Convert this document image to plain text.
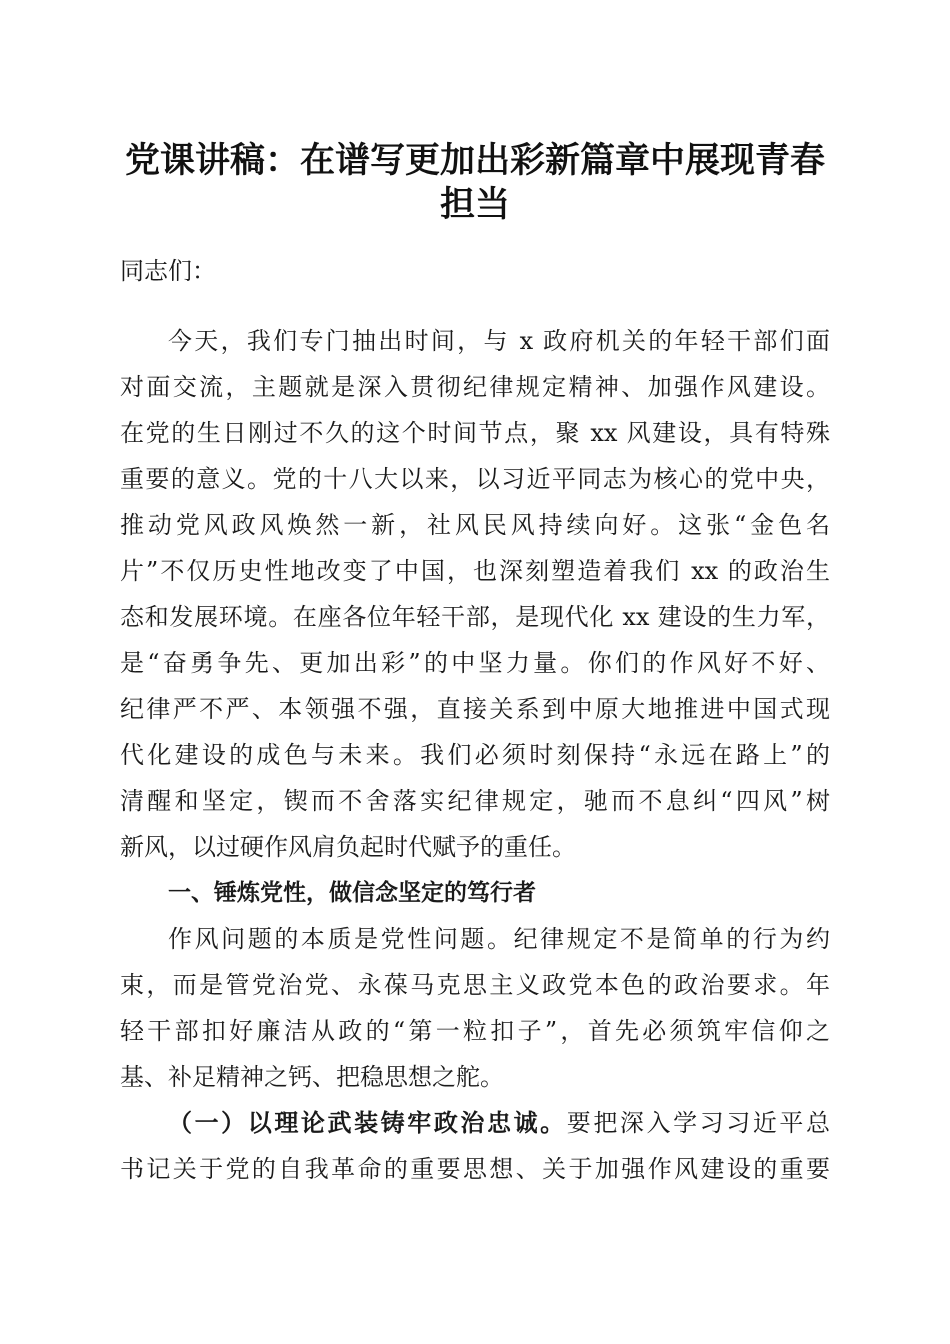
党课讲稿：在谱写更加出彩新篇章中展现青春
担当

同志们：

今天，我们专门抽出时间，与 x 政府机关的年轻干部们面

对面交流，主题就是深入贯彻纪律规定精神、加强作风建设。

在党的生日刚过不久的这个时间节点，聚 xx 风建设，具有特殊

重要的意义。党的十八大以来，以习近平同志为核心的党中央，

推动党风政风焕然一新，社风民风持续向好。这张“金色名

片”不仅历史性地改变了中国，也深刻塑造着我们 xx 的政治生

态和发展环境。在座各位年轻干部，是现代化 xx 建设的生力军，

是“奋勇争先、更加出彩”的中坚力量。你们的作风好不好、

纪律严不严、本领强不强，直接关系到中原大地推进中国式现

代化建设的成色与未来。我们必须时刻保持“永远在路上”的

清醒和坚定，锲而不舍落实纪律规定，驰而不息纠“四风”树

新风，以过硬作风肩负起时代赋予的重任。

一、锤炼党性，做信念坚定的笃行者

作风问题的本质是党性问题。纪律规定不是简单的行为约

束，而是管党治党、永葆马克思主义政党本色的政治要求。年

轻干部扣好廉洁从政的“第一粒扣子”，首先必须筑牢信仰之

基、补足精神之钙、把稳思想之舵。

（一）以理论武装铸牢政治忠诚。要把深入学习习近平总

书记关于党的自我革命的重要思想、关于加强作风建设的重要
